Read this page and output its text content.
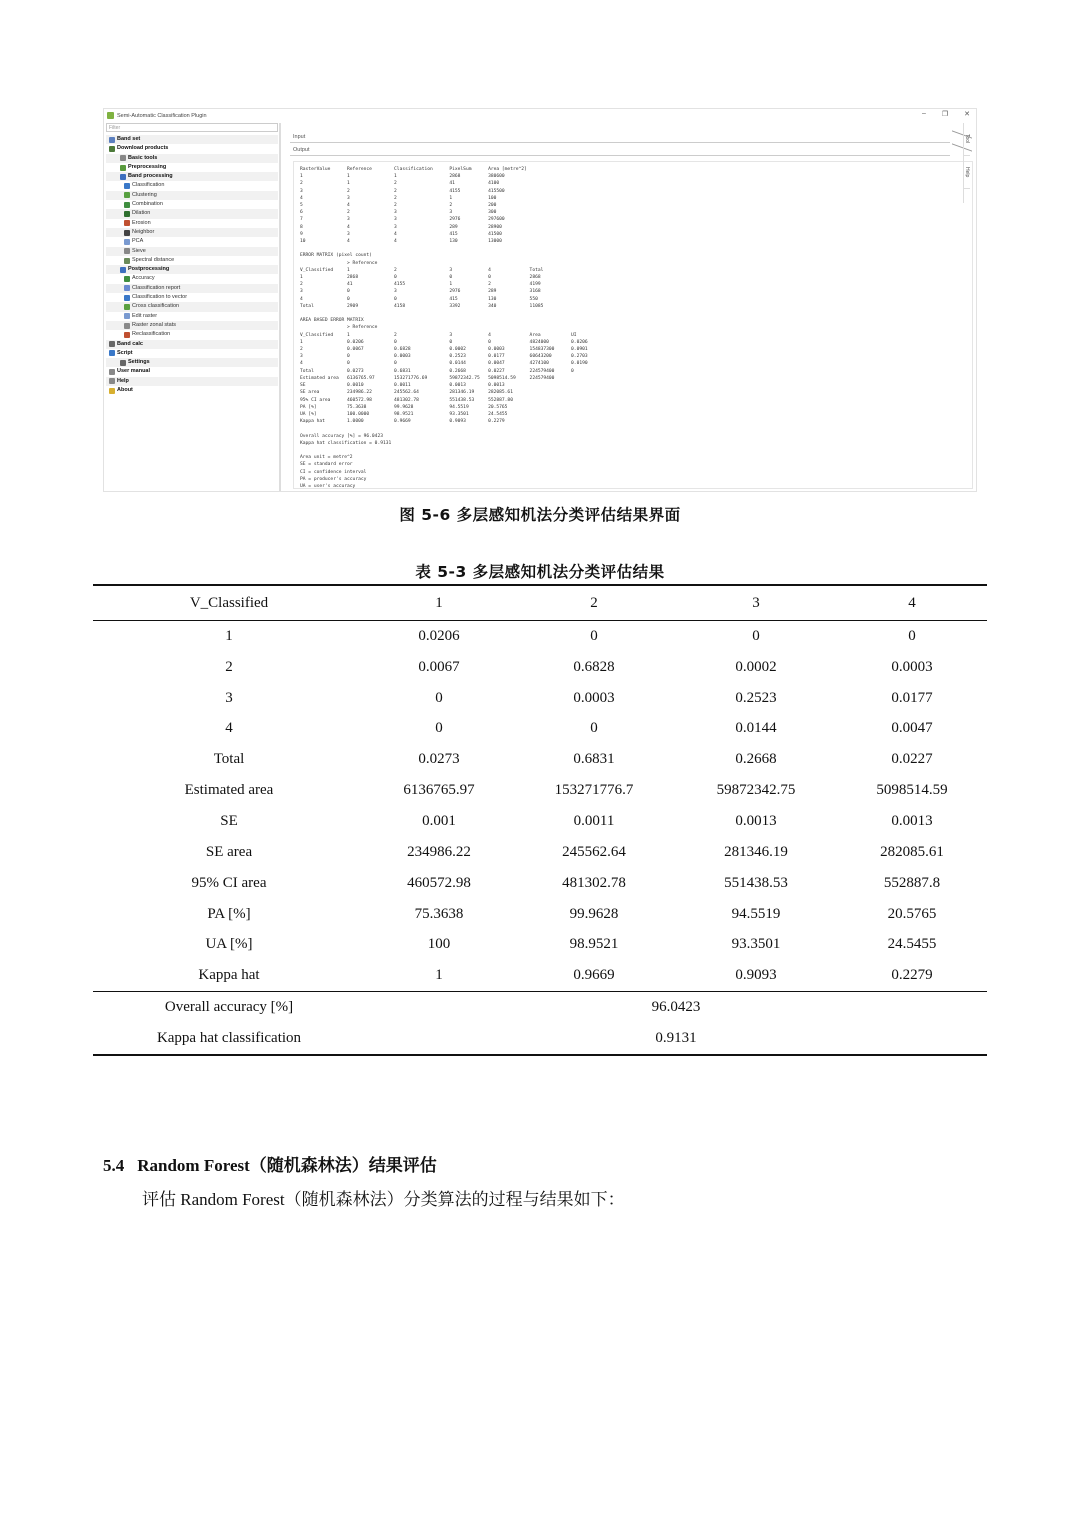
Semi-Automatic Classification Plugin	– ❐ ✕
Filter
Band set
Download products
Basic tools
Preprocessing
Band processing
Classification
Clustering
Combination
Dilation
Erosion
Neighbor
PCA
Sieve
Spectral distance
Postprocessing
Accuracy
Classification report
Classification to vector
Cross classification
Edit raster
Raster zonal stats
Reclassification
Band calc
Script
Settings
User manual
Help
About
Input
Output
RasterValue      Reference        Classification      PixelSum      Area [metre^2]
1                1                1                   2868          380600
2                1                2                   41            4100
3                2                2                   4155          415500
4                3                2                   1             100
5                4                2                   2             200
6                2                3                   3             300
7                3                3                   2976          297600
8                4                3                   289           28900
9                3                4                   415           41500
10               4                4                   130           13000

ERROR MATRIX (pixel count)
> Reference
V_Classified     1                2                   3             4              Total
1                2868             0                   0             0              2868
2                41               4155                1             2              4199
3                0                3                   2976          289            3168
4                0                0                   415           130            550
Total            2909             4158                3392          340            11085

AREA BASED ERROR MATRIX
> Reference
V_Classified     1                2                   3             4              Area           UI
1                0.0206           0                   0             0              4824000        0.0206
2                0.0067           0.6828              0.0002        0.0003         154837300      0.0901
3                0                0.0003              0.2523        0.0177         60643200       0.2703
4                0                0                   0.0144        0.0047         4274100        0.0190
Total            0.0273           0.6831              0.2668        0.0227         224579400      0
Estimated area   6136765.97       153271776.69        59872342.75   5098514.59     224579400
SE               0.0010           0.0011              0.0013        0.0013
SE area          234986.22        245562.64           281346.19     282085.61
95% CI area      460572.98        481302.78           551438.53     552887.80
PA [%]           75.3638          99.9628             94.5519       20.5765
UA [%]           100.0000         98.9521             93.3501       24.5455
Kappa hat        1.0000           0.9669              0.9093        0.2279

Overall accuracy [%] = 96.0423
Kappa hat classification = 0.9131

Area unit = metre^2
SE = standard error
CI = confidence interval
PA = producer's accuracy
UA = user's accuracy
Tool
Help
图 5-6 多层感知机法分类评估结果界面
表 5-3 多层感知机法分类评估结果
V_Classified	1	2	3	4
1	0.0206	0	0	0
2	0.0067	0.6828	0.0002	0.0003
3	0	0.0003	0.2523	0.0177
4	0	0	0.0144	0.0047
Total	0.0273	0.6831	0.2668	0.0227
Estimated area	6136765.97	153271776.7	59872342.75	5098514.59
SE	0.001	0.0011	0.0013	0.0013
SE area	234986.22	245562.64	281346.19	282085.61
95% CI area	460572.98	481302.78	551438.53	552887.8
PA [%]	75.3638	99.9628	94.5519	20.5765
UA [%]	100	98.9521	93.3501	24.5455
Kappa hat	1	0.9669	0.9093	0.2279
Overall accuracy [%]	96.0423			
Kappa hat classification	0.9131			
5.4 Random Forest（随机森林法）结果评估
评估 Random Forest（随机森林法）分类算法的过程与结果如下：
